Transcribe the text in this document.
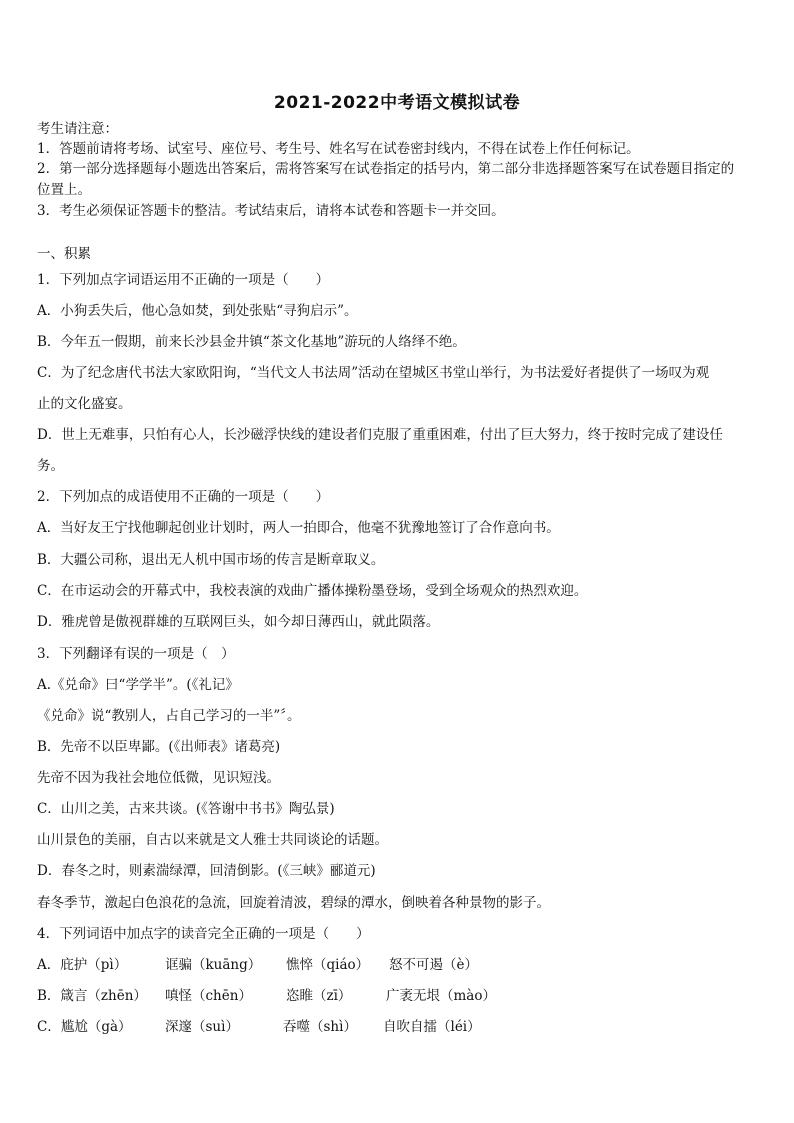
2021-2022中考语文模拟试卷
考生请注意：
1．答题前请将考场、试室号、座位号、考生号、姓名写在试卷密封线内，不得在试卷上作任何标记。
2．第一部分选择题每小题选出答案后，需将答案写在试卷指定的括号内，第二部分非选择题答案写在试卷题目指定的
位置上。
3．考生必须保证答题卡的整洁。考试结束后，请将本试卷和答题卡一并交回。
一、积累
1．下列加点字词语运用不正确的一项是（　　）
A．小狗丢失后，他心急如焚，到处张贴“寻狗启示”。
B．今年五一假期，前来长沙县金井镇“茶文化基地”游玩的人络绎不绝。
C．为了纪念唐代书法大家欧阳询，“当代文人书法周”活动在望城区书堂山举行，为书法爱好者提供了一场叹为观
止的文化盛宴。
D．世上无难事，只怕有心人，长沙磁浮快线的建设者们克服了重重困难，付出了巨大努力，终于按时完成了建设任
务。
2．下列加点的成语使用不正确的一项是（　　）
A．当好友王宁找他聊起创业计划时，两人一拍即合，他毫不犹豫地签订了合作意向书。
B．大疆公司称，退出无人机中国市场的传言是断章取义。
C．在市运动会的开幕式中，我校表演的戏曲广播体操粉墨登场，受到全场观众的热烈欢迎。
D．雅虎曾是傲视群雄的互联网巨头，如今却日薄西山，就此陨落。
3．下列翻译有误的一项是（　）
A.《兑命》曰“学学半”。(《礼记》
《兑命》说“教别人，占自己学习的一半”〞。
B．先帝不以臣卑鄙。(《出师表》诸葛亮)
先帝不因为我社会地位低微，见识短浅。
C．山川之美，古来共谈。(《答谢中书书》陶弘景)
山川景色的美丽，自古以来就是文人雅士共同谈论的话题。
D．春冬之时，则素湍绿潭，回清倒影。(《三峡》郦道元)
春冬季节，激起白色浪花的急流，回旋着清波，碧绿的潭水，倒映着各种景物的影子。
4．下列词语中加点字的读音完全正确的一项是（　　）
A．庇护（pì）	诓骗（kuāng） 憔悴（qiáo） 怒不可遏（è）
B．箴言（zhēn） 嗔怪（chēn）	恣睢（zī）	广袤无垠（mào）
C．尴尬（gà） 深邃（suì）	吞噬（shì） 自吹自擂（léi）
